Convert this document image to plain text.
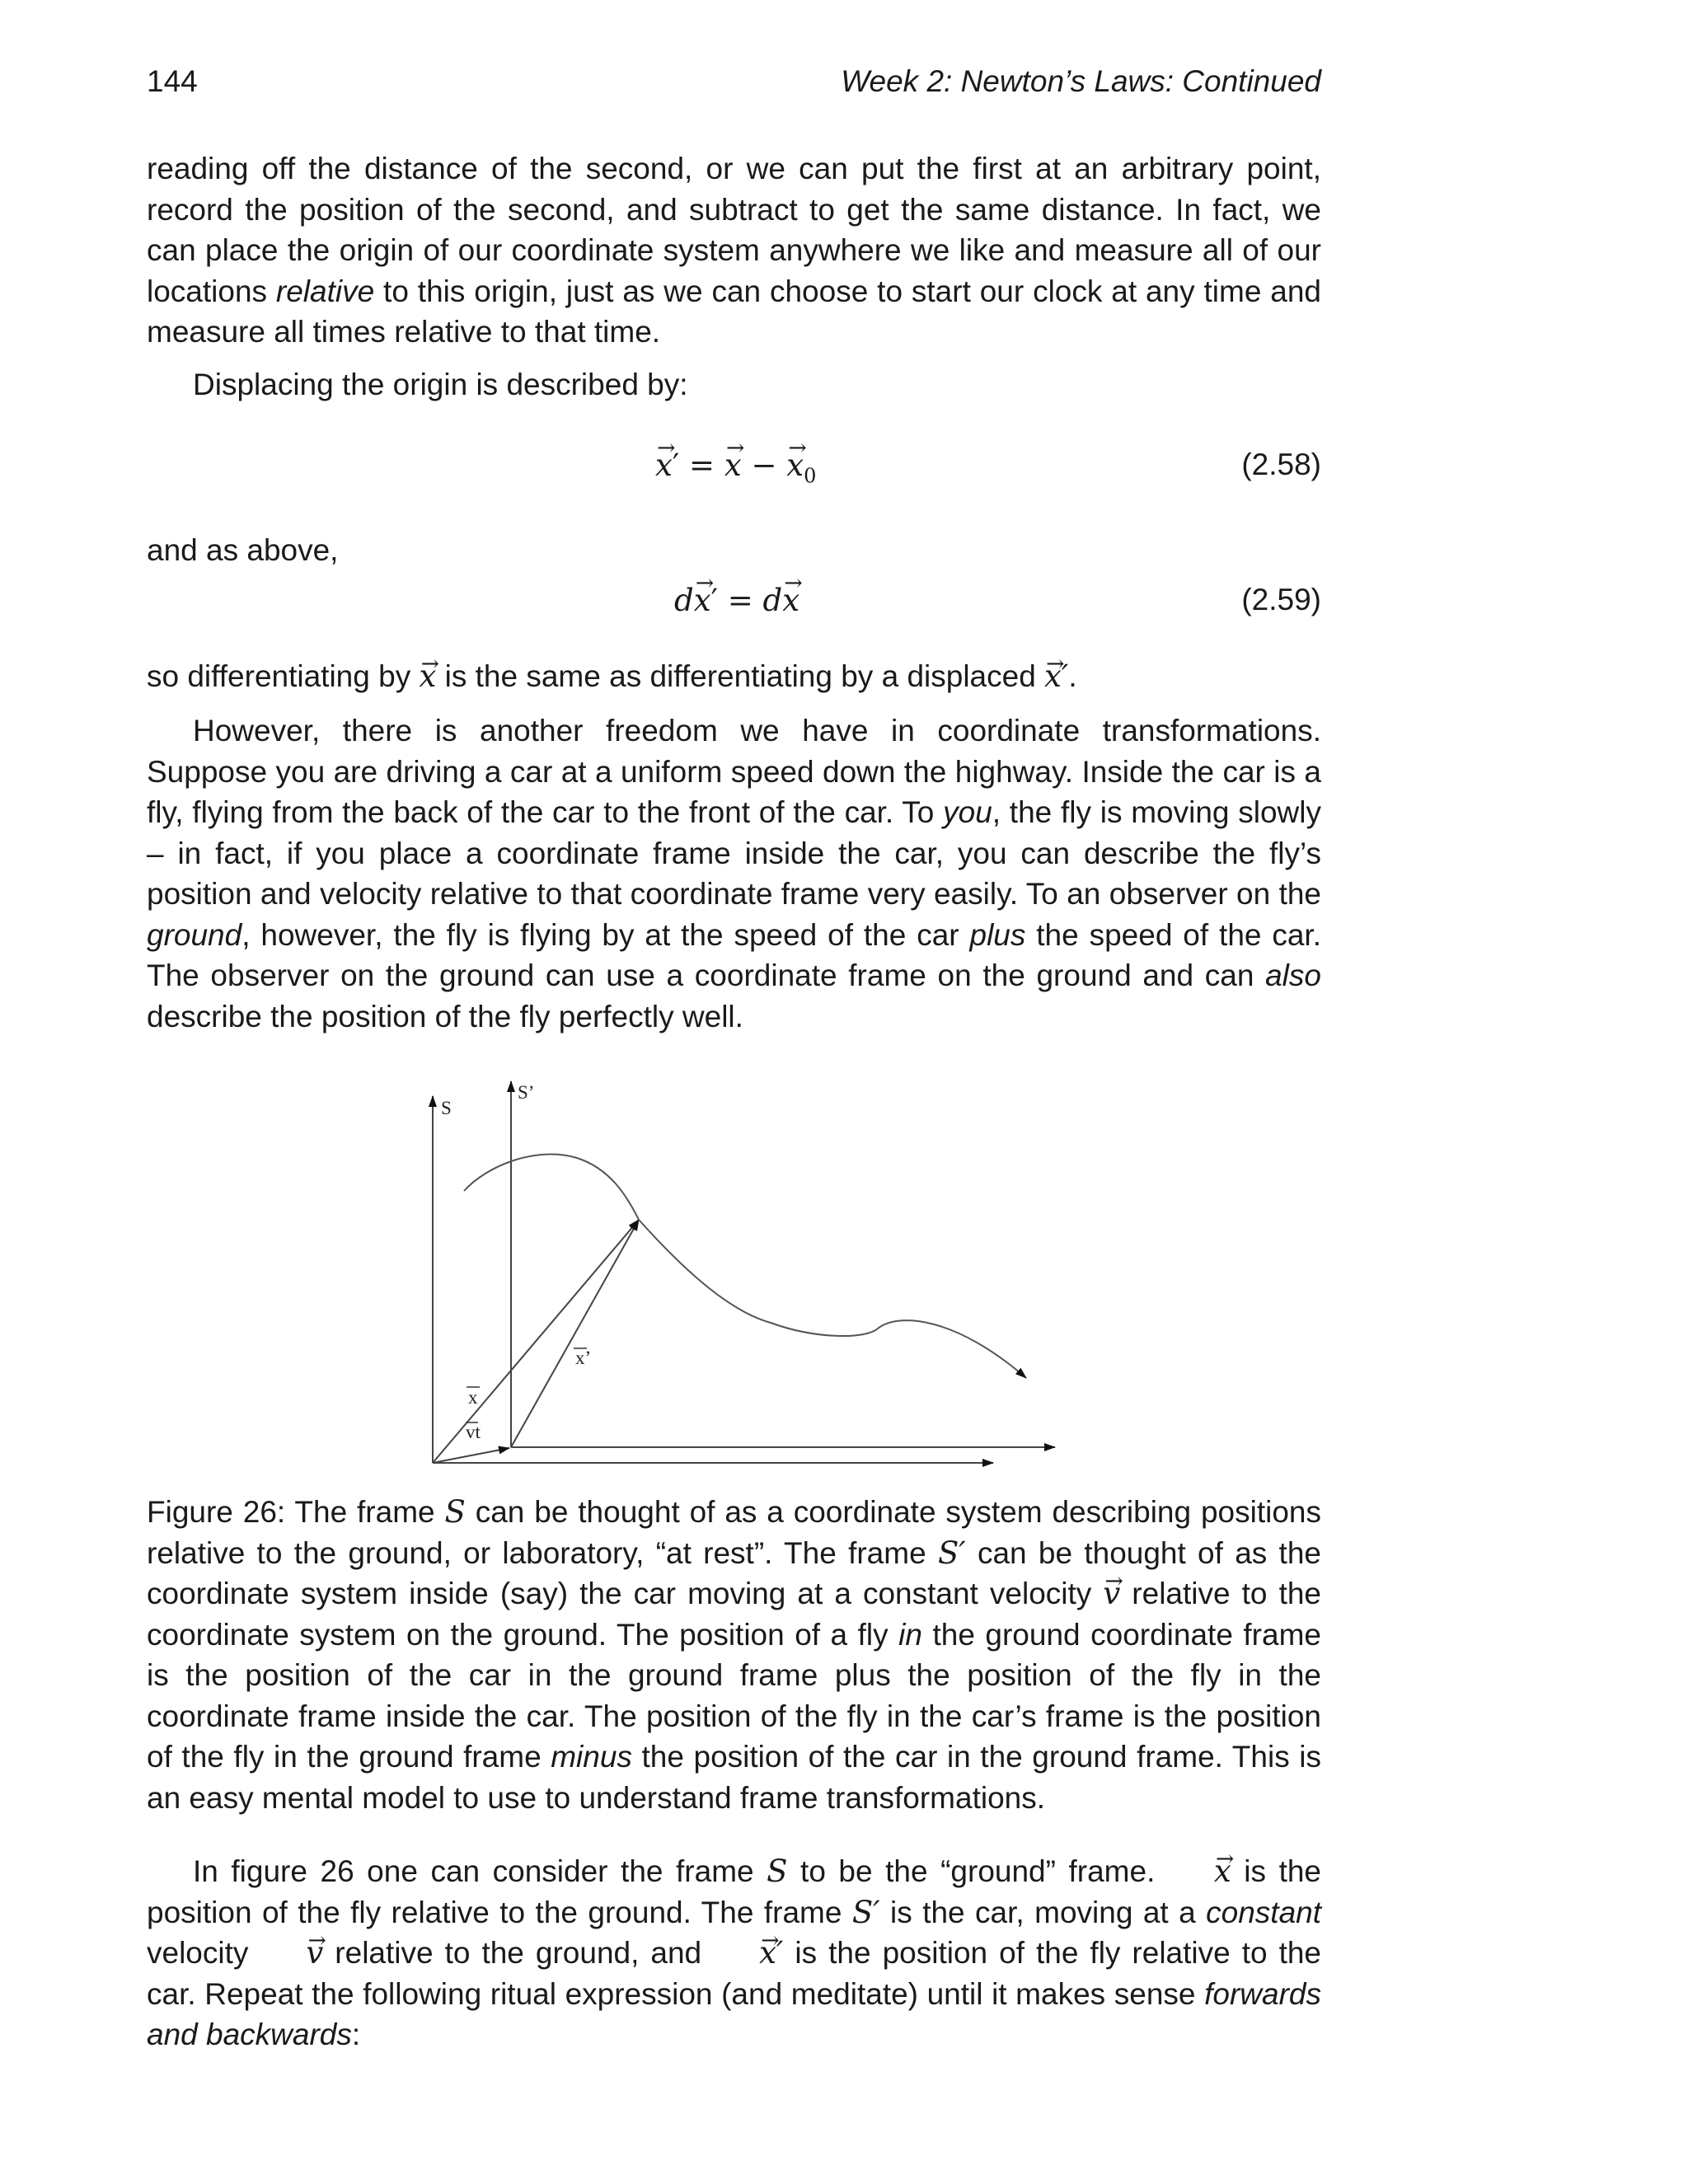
144	Week 2: Newton’s Laws: Continued

reading off the distance of the second, or we can put the first at an arbitrary point, record the position of the second, and subtract to get the same distance. In fact, we can place the origin of our coordinate system anywhere we like and measure all of our locations relative to this origin, just as we can choose to start our clock at any time and measure all times relative to that time.

Displacing the origin is described by:

→ x′ = → x − → $x_0$	(2.58)

and as above,

d→ x′ = d→ x	(2.59)

so differentiating by → x is the same as differentiating by a displaced → x′.

However, there is another freedom we have in coordinate transformations. Suppose you are driving a car at a uniform speed down the highway. Inside the car is a fly, flying from the back of the car to the front of the car. To you, the fly is moving slowly – in fact, if you place a coordinate frame inside the car, you can describe the fly’s position and velocity relative to that coordinate frame very easily. To an observer on the ground, however, the fly is flying by at the speed of the car plus the speed of the car. The observer on the ground can use a coordinate frame on the ground and can also describe the position of the fly perfectly well.

S
S’
x
x’
vt

Figure 26: The frame S can be thought of as a coordinate system describing positions relative to the ground, or laboratory, “at rest”. The frame S′ can be thought of as the coordinate system inside (say) the car moving at a constant velocity → v relative to the coordinate system on the ground. The position of a fly in the ground coordinate frame is the position of the car in the ground frame plus the position of the fly in the coordinate frame inside the car. The position of the fly in the car’s frame is the position of the fly in the ground frame minus the position of the car in the ground frame. This is an easy mental model to use to understand frame transformations.

In figure 26 one can consider the frame S to be the “ground” frame. → x is the position of the fly relative to the ground. The frame S′ is the car, moving at a constant velocity → v relative to the ground, and → x′ is the position of the fly relative to the car. Repeat the following ritual expression (and meditate) until it makes sense forwards and backwards:
